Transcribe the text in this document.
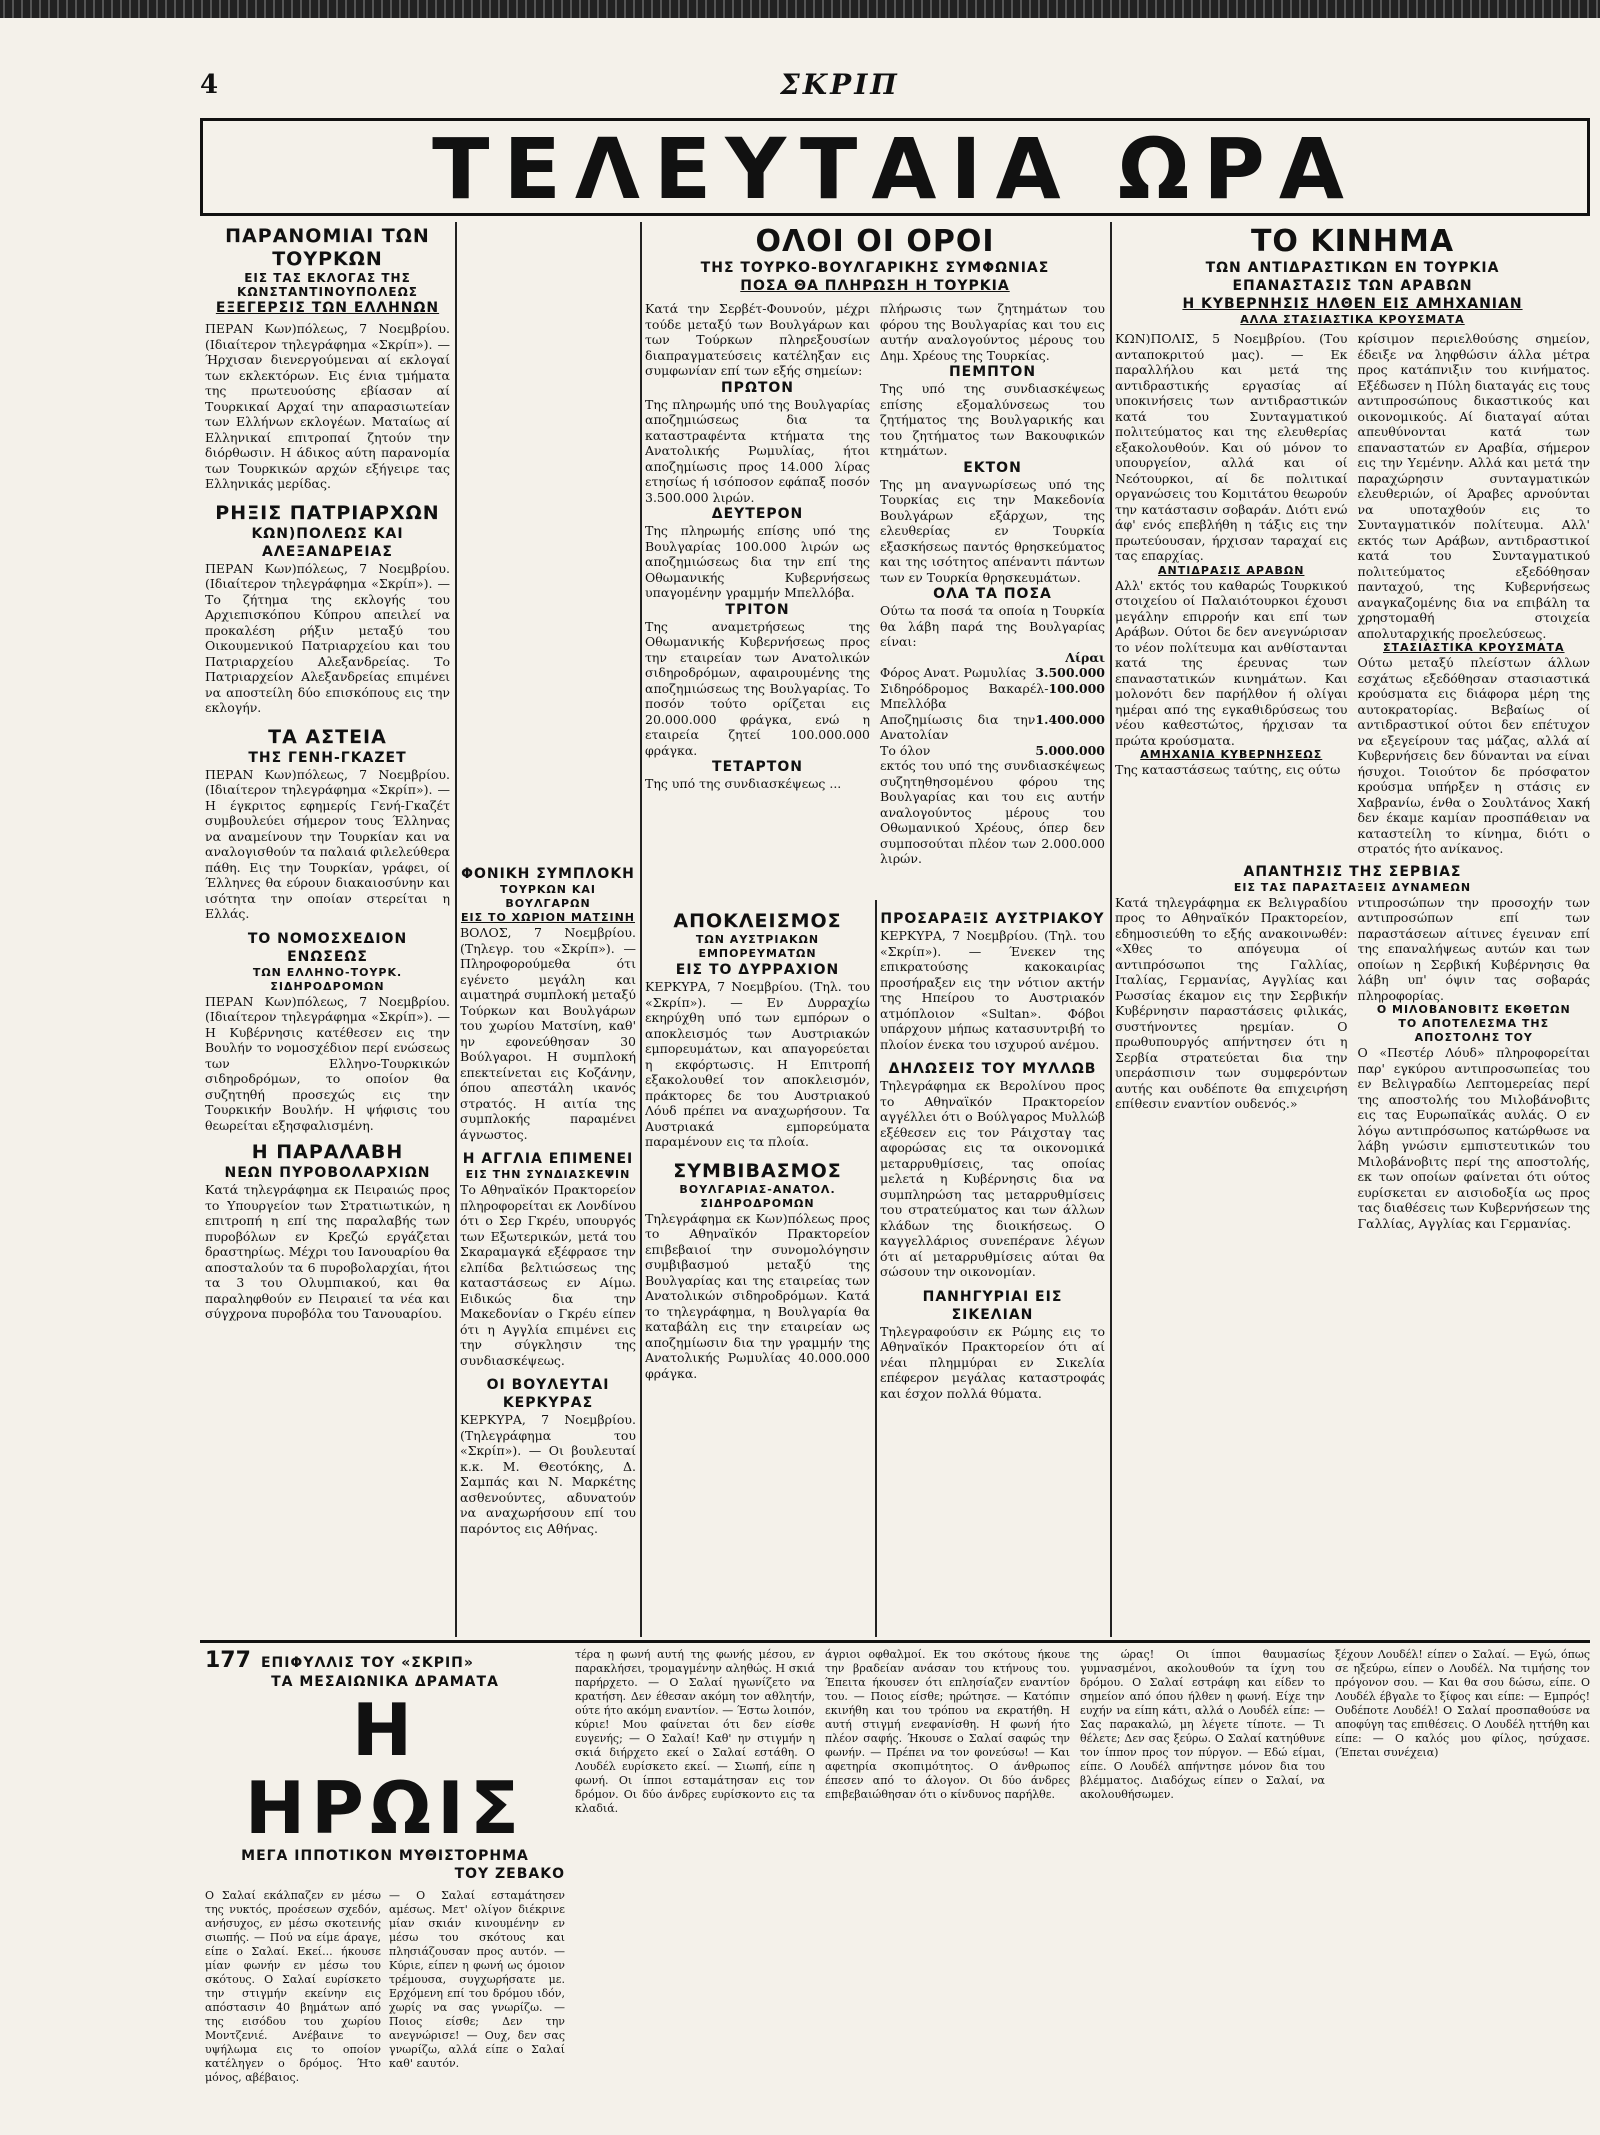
4	ΣΚΡΙΠ
ΤΕΛΕΥΤΑΙΑ ΩΡΑ
ΠΑΡΑΝΟΜΙΑΙ ΤΩΝ ΤΟΥΡΚΩΝ
ΕΙΣ ΤΑΣ ΕΚΛΟΓΑΣ ΤΗΣ ΚΩΝΣΤΑΝΤΙΝΟΥΠΟΛΕΩΣ
ΕΞΕΓΕΡΣΙΣ ΤΩΝ ΕΛΛΗΝΩΝ
ΠΕΡΑΝ Κων)πόλεως, 7 Νοεμβρίου. (Ιδιαίτερον τηλεγράφημα «Σκρίπ»). — Ήρχισαν διενεργούμεναι αί εκλογαί των εκλεκτόρων. Εις ένια τμήματα της πρωτευούσης εβίασαν αί Τουρκικαί Αρχαί την απαρασιωτείαν των Ελλήνων εκλογέων. Ματαίως αί Ελληνικαί επιτροπαί ζητούν την διόρθωσιν. Η άδικος αύτη παρανομία των Τουρκικών αρχών εξήγειρε τας Ελληνικάς μερίδας.
ΡΗΞΙΣ ΠΑΤΡΙΑΡΧΩΝ
ΚΩΝ)ΠΟΛΕΩΣ ΚΑΙ ΑΛΕΞΑΝΔΡΕΙΑΣ
ΠΕΡΑΝ Κων)πόλεως, 7 Νοεμβρίου. (Ιδιαίτερον τηλεγράφημα «Σκρίπ»). — Το ζήτημα της εκλογής του Αρχιεπισκόπου Κύπρου απειλεί να προκαλέση ρήξιν μεταξύ του Οικουμενικού Πατριαρχείου και του Πατριαρχείου Αλεξανδρείας. Το Πατριαρχείον Αλεξανδρείας επιμένει να αποστείλη δύο επισκόπους εις την εκλογήν.
ΤΑ ΑΣΤΕΙΑ
ΤΗΣ ΓΕΝΗ-ΓΚΑΖΕΤ
ΠΕΡΑΝ Κων)πόλεως, 7 Νοεμβρίου. (Ιδιαίτερον τηλεγράφημα «Σκρίπ»). — Η έγκριτος εφημερίς Γενή-Γκαζέτ συμβουλεύει σήμερον τους Έλληνας να αναμείνουν την Τουρκίαν και να αναλογισθούν τα παλαιά φιλελεύθερα πάθη. Εις την Τουρκίαν, γράφει, οί Έλληνες θα εύρουν διακαιοσύνην και ισότητα την οποίαν στερείται η Ελλάς.
ΤΟ ΝΟΜΟΣΧΕΔΙΟΝ ΕΝΩΣΕΩΣ
ΤΩΝ ΕΛΛΗΝΟ-ΤΟΥΡΚ. ΣΙΔΗΡΟΔΡΟΜΩΝ
ΠΕΡΑΝ Κων)πόλεως, 7 Νοεμβρίου. (Ιδιαίτερον τηλεγράφημα «Σκρίπ»). — Η Κυβέρνησις κατέθεσεν εις την Βουλήν το νομοσχέδιον περί ενώσεως των Ελληνο-Τουρκικών σιδηροδρόμων, το οποίον θα συζητηθή προσεχώς εις την Τουρκικήν Βουλήν. Η ψήφισις του θεωρείται εξησφαλισμένη.
Η ΠΑΡΑΛΑΒΗ
ΝΕΩΝ ΠΥΡΟΒΟΛΑΡΧΙΩΝ
Κατά τηλεγράφημα εκ Πειραιώς προς το Υπουργείον των Στρατιωτικών, η επιτροπή η επί της παραλαβής των πυροβόλων εν Κρεζώ εργάζεται δραστηρίως. Μέχρι του Ιανουαρίου θα αποσταλούν τα 6 πυροβολαρχίαι, ήτοι τα 3 του Ολυμπιακού, και θα παραληφθούν εν Πειραιεί τα νέα και σύγχρονα πυροβόλα του Τανουαρίου.
ΟΛΟΙ ΟΙ ΟΡΟΙ
ΤΗΣ ΤΟΥΡΚΟ-ΒΟΥΛΓΑΡΙΚΗΣ ΣΥΜΦΩΝΙΑΣ
ΠΟΣΑ ΘΑ ΠΛΗΡΩΣΗ Η ΤΟΥΡΚΙΑ
Κατά την Σερβέτ-Φουνούν, μέχρι τούδε μεταξύ των Βουλγάρων και των Τούρκων πληρεξουσίων διαπραγματεύσεις κατέληξαν εις συμφωνίαν επί των εξής σημείων:
ΠΡΩΤΟΝ
Της πληρωμής υπό της Βουλγαρίας αποζημιώσεως δια τα καταστραφέντα κτήματα της Ανατολικής Ρωμυλίας, ήτοι αποζημίωσις προς 14.000 λίρας ετησίως ή ισόποσον εφάπαξ ποσόν 3.500.000 λιρών.
ΔΕΥΤΕΡΟΝ
Της πληρωμής επίσης υπό της Βουλγαρίας 100.000 λιρών ως αποζημιώσεως δια την επί της Οθωμανικής Κυβερνήσεως υπαγομένην γραμμήν Μπελλόβα.
ΤΡΙΤΟΝ
Της αναμετρήσεως της Οθωμανικής Κυβερνήσεως προς την εταιρείαν των Ανατολικών σιδηροδρόμων, αφαιρουμένης της αποζημιώσεως της Βουλγαρίας. Το ποσόν τούτο ορίζεται εις 20.000.000 φράγκα, ενώ η εταιρεία ζητεί 100.000.000 φράγκα.
ΤΕΤΑΡΤΟΝ
Της υπό της συνδιασκέψεως ...
πλήρωσις των ζητημάτων του φόρου της Βουλγαρίας και του εις αυτήν αναλογούντος μέρους του Δημ. Χρέους της Τουρκίας.
ΠΕΜΠΤΟΝ
Της υπό της συνδιασκέψεως επίσης εξομαλύνσεως του ζητήματος της Βουλγαρικής και του ζητήματος των Βακουφικών κτημάτων.
ΕΚΤΟΝ
Της μη αναγνωρίσεως υπό της Τουρκίας εις την Μακεδονία Βουλγάρων εξάρχων, της ελευθερίας εν Τουρκία εξασκήσεως παντός θρησκεύματος και της ισότητος απέναντι πάντων των εν Τουρκία θρησκευμάτων.
ΟΛΑ ΤΑ ΠΟΣΑ
Ούτω τα ποσά τα οποία η Τουρκία θα λάβη παρά της Βουλγαρίας είναι:
Λίραι
Φόρος Ανατ. Ρωμυλίας 3.500.000
Σιδηρόδρομος Βακαρέλ-Μπελλόβα
100.000
Αποζημίωσις δια την Ανατολίαν
1.400.000
Το όλον	5.000.000
εκτός του υπό της συνδιασκέψεως συζητηθησομένου φόρου της Βουλγαρίας και του εις αυτήν αναλογούντος μέρους του Οθωμανικού Χρέους, όπερ δεν συμποσούται πλέον των 2.000.000 λιρών.
ΦΟΝΙΚΗ ΣΥΜΠΛΟΚΗ
ΤΟΥΡΚΩΝ ΚΑΙ ΒΟΥΛΓΑΡΩΝ
ΕΙΣ ΤΟ ΧΩΡΙΟΝ ΜΑΤΣΙΝΗ
ΒΟΛΟΣ, 7 Νοεμβρίου. (Τηλεγρ. του «Σκρίπ»). — Πληροφορούμεθα ότι εγένετο μεγάλη και αιματηρά συμπλοκή μεταξύ Τούρκων και Βουλγάρων του χωρίου Ματσίνη, καθ' ην εφονεύθησαν 30 Βούλγαροι. Η συμπλοκή επεκτείνεται εις Κοζάνην, όπου απεστάλη ικανός στρατός. Η αιτία της συμπλοκής παραμένει άγνωστος.
Η ΑΓΓΛΙΑ ΕΠΙΜΕΝΕΙ
ΕΙΣ ΤΗΝ ΣΥΝΔΙΑΣΚΕΨΙΝ
Το Αθηναϊκόν Πρακτορείον πληροφορείται εκ Λονδίνου ότι ο Σερ Γκρέυ, υπουργός των Εξωτερικών, μετά του Σκαραμαγκά εξέφρασε την ελπίδα βελτιώσεως της καταστάσεως εν Αίμω. Ειδικώς δια την Μακεδονίαν ο Γκρέυ είπεν ότι η Αγγλία επιμένει εις την σύγκλησιν της συνδιασκέψεως.
ΟΙ ΒΟΥΛΕΥΤΑΙ ΚΕΡΚΥΡΑΣ
ΚΕΡΚΥΡΑ, 7 Νοεμβρίου. (Τηλεγράφημα του «Σκρίπ»). — Οι βουλευταί κ.κ. Μ. Θεοτόκης, Δ. Σαμπάς και Ν. Μαρκέτης ασθενούντες, αδυνατούν να αναχωρήσουν επί του παρόντος εις Αθήνας.
ΑΠΟΚΛΕΙΣΜΟΣ
ΤΩΝ ΑΥΣΤΡΙΑΚΩΝ ΕΜΠΟΡΕΥΜΑΤΩΝ
ΕΙΣ ΤΟ ΔΥΡΡΑΧΙΟΝ
ΚΕΡΚΥΡΑ, 7 Νοεμβρίου. (Τηλ. του «Σκρίπ»). — Εν Δυρραχίω εκηρύχθη υπό των εμπόρων ο αποκλεισμός των Αυστριακών εμπορευμάτων, και απαγορεύεται η εκφόρτωσις. Η Επιτροπή εξακολουθεί τον αποκλεισμόν, πράκτορες δε του Αυστριακού Λόυδ πρέπει να αναχωρήσουν. Τα Αυστριακά εμπορεύματα παραμένουν εις τα πλοία.
ΣΥΜΒΙΒΑΣΜΟΣ
ΒΟΥΛΓΑΡΙΑΣ-ΑΝΑΤΟΛ. ΣΙΔΗΡΟΔΡΟΜΩΝ
Τηλεγράφημα εκ Κων)πόλεως προς το Αθηναϊκόν Πρακτορείον επιβεβαιοί την συνομολόγησιν συμβιβασμού μεταξύ της Βουλγαρίας και της εταιρείας των Ανατολικών σιδηροδρόμων. Κατά το τηλεγράφημα, η Βουλγαρία θα καταβάλη εις την εταιρείαν ως αποζημίωσιν δια την γραμμήν της Ανατολικής Ρωμυλίας 40.000.000 φράγκα.
ΠΡΟΣΑΡΑΞΙΣ ΑΥΣΤΡΙΑΚΟΥ
ΚΕΡΚΥΡΑ, 7 Νοεμβρίου. (Τηλ. του «Σκρίπ»). — Ένεκεν της επικρατούσης κακοκαιρίας προσήραξεν εις την νότιον ακτήν της Ηπείρου το Αυστριακόν ατμόπλοιον «Sultan». Φόβοι υπάρχουν μήπως κατασυντριβή το πλοίον ένεκα του ισχυρού ανέμου.
ΔΗΛΩΣΕΙΣ ΤΟΥ ΜΥΛΛΩΒ
Τηλεγράφημα εκ Βερολίνου προς το Αθηναϊκόν Πρακτορείον αγγέλλει ότι ο Βούλγαρος Μυλλώβ εξέθεσεν εις τον Ράιχσταγ τας αφορώσας εις τα οικονομικά μεταρρυθμίσεις, τας οποίας μελετά η Κυβέρνησις δια να συμπληρώση τας μεταρρυθμίσεις του στρατεύματος και των άλλων κλάδων της διοικήσεως. Ο καγγελλάριος συνεπέρανε λέγων ότι αί μεταρρυθμίσεις αύται θα σώσουν την οικονομίαν.
ΠΑΝΗΓΥΡΙΑΙ ΕΙΣ ΣΙΚΕΛΙΑΝ
Τηλεγραφούσιν εκ Ρώμης εις το Αθηναϊκόν Πρακτορείον ότι αί νέαι πλημμύραι εν Σικελία επέφερον μεγάλας καταστροφάς και έσχον πολλά θύματα.
ΤΟ ΚΙΝΗΜΑ
ΤΩΝ ΑΝΤΙΔΡΑΣΤΙΚΩΝ ΕΝ ΤΟΥΡΚΙΑ
ΕΠΑΝΑΣΤΑΣΙΣ ΤΩΝ ΑΡΑΒΩΝ
Η ΚΥΒΕΡΝΗΣΙΣ ΗΛΘΕΝ ΕΙΣ ΑΜΗΧΑΝΙΑΝ
ΑΛΛΑ ΣΤΑΣΙΑΣΤΙΚΑ ΚΡΟΥΣΜΑΤΑ
ΚΩΝ)ΠΟΛΙΣ, 5 Νοεμβρίου. (Του ανταποκριτού μας). — Εκ παραλλήλου και μετά της αντιδραστικής εργασίας αί υποκινήσεις των αντιδραστικών κατά του Συνταγματικού πολιτεύματος και της ελευθερίας εξακολουθούν. Και ού μόνον το υπουργείον, αλλά και οί Νεότουρκοι, αί δε πολιτικαί οργανώσεις του Κομιτάτου θεωρούν την κατάστασιν σοβαράν. Διότι ενώ άφ' ενός επεβλήθη η τάξις εις την πρωτεύουσαν, ήρχισαν ταραχαί εις τας επαρχίας.
ΑΝΤΙΔΡΑΣΙΣ ΑΡΑΒΩΝ
Αλλ' εκτός του καθαρώς Τουρκικού στοιχείου οί Παλαιότουρκοι έχουσι μεγάλην επιρροήν και επί των Αράβων. Ούτοι δε δεν ανεγνώρισαν το νέον πολίτευμα και ανθίστανται κατά της έρευνας των επαναστατικών κινημάτων. Και μολονότι δεν παρήλθον ή ολίγαι ημέραι από της εγκαθιδρύσεως του νέου καθεστώτος, ήρχισαν τα πρώτα κρούσματα.
ΑΜΗΧΑΝΙΑ ΚΥΒΕΡΝΗΣΕΩΣ
Της καταστάσεως ταύτης, εις ούτω
κρίσιμον περιελθούσης σημείον, έδειξε να ληφθώσιν άλλα μέτρα προς κατάπνιξιν του κινήματος. Εξέδωσεν η Πύλη διαταγάς εις τους αντιπροσώπους δικαστικούς και οικονομικούς. Αί διαταγαί αύται απευθύνονται κατά των επαναστατών εν Αραβία, σήμερον εις την Υεμένην. Αλλά και μετά την παραχώρησιν συνταγματικών ελευθεριών, οί Άραβες αρνούνται να υποταχθούν εις το Συνταγματικόν πολίτευμα. Αλλ' εκτός των Αράβων, αντιδραστικοί κατά του Συνταγματικού πολιτεύματος εξεδόθησαν πανταχού, της Κυβερνήσεως αναγκαζομένης δια να επιβάλη τα χρηστομαθή στοιχεία απολυταρχικής προελεύσεως.
ΣΤΑΣΙΑΣΤΙΚΑ ΚΡΟΥΣΜΑΤΑ
Ούτω μεταξύ πλείστων άλλων εσχάτως εξεδόθησαν στασιαστικά κρούσματα εις διάφορα μέρη της αυτοκρατορίας. Βεβαίως οί αντιδραστικοί ούτοι δεν επέτυχον να εξεγείρουν τας μάζας, αλλά αί Κυβερνήσεις δεν δύνανται να είναι ήσυχοι. Τοιούτον δε πρόσφατον κρούσμα υπήρξεν η στάσις εν Χαβρανίω, ένθα ο Σουλτάνος Χακή δεν έκαμε καμίαν προσπάθειαν να καταστείλη το κίνημα, διότι ο στρατός ήτο ανίκανος.
ΑΠΑΝΤΗΣΙΣ ΤΗΣ ΣΕΡΒΙΑΣ
ΕΙΣ ΤΑΣ ΠΑΡΑΣΤΑΞΕΙΣ ΔΥΝΑΜΕΩΝ
Κατά τηλεγράφημα εκ Βελιγραδίου προς το Αθηναϊκόν Πρακτορείον, εδημοσιεύθη το εξής ανακοινωθέν: «Χθες το απόγευμα οί αντιπρόσωποι της Γαλλίας, Ιταλίας, Γερμανίας, Αγγλίας και Ρωσσίας έκαμον εις την Σερβικήν Κυβέρνησιν παραστάσεις φιλικάς, συστήνοντες ηρεμίαν. Ο πρωθυπουργός απήντησεν ότι η Σερβία στρατεύεται δια την υπεράσπισιν των συμφερόντων αυτής και ουδέποτε θα επιχειρήση επίθεσιν εναντίον ουδενός.»
ντιπροσώπων την προσοχήν των αντιπροσώπων επί των παραστάσεων αίτινες έγειναν επί της επαναλήψεως αυτών και των οποίων η Σερβική Κυβέρνησις θα λάβη υπ' όψιν τας σοβαράς πληροφορίας.
Ο ΜΙΛΟΒΑΝΟΒΙΤΣ ΕΚΘΕΤΩΝ
ΤΟ ΑΠΟΤΕΛΕΣΜΑ ΤΗΣ ΑΠΟΣΤΟΛΗΣ ΤΟΥ
Ο «Πεστέρ Λόυδ» πληροφορείται παρ' εγκύρου αντιπροσωπείας του εν Βελιγραδίω Λεπτομερείας περί της αποστολής του Μιλοβάνοβιτς εις τας Ευρωπαϊκάς αυλάς. Ο εν λόγω αντιπρόσωπος κατώρθωσε να λάβη γνώσιν εμπιστευτικών του Μιλοβάνοβιτς περί της αποστολής, εκ των οποίων φαίνεται ότι ούτος ευρίσκεται εν αισιοδοξία ως προς τας διαθέσεις των Κυβερνήσεων της Γαλλίας, Αγγλίας και Γερμανίας.
177 ΕΠΙΦΥΛΛΙΣ ΤΟΥ «ΣΚΡΙΠ»
ΤΑ ΜΕΣΑΙΩΝΙΚΑ ΔΡΑΜΑΤΑ
Η ΗΡΩΙΣ
ΜΕΓΑ ΙΠΠΟΤΙΚΟΝ ΜΥΘΙΣΤΟΡΗΜΑ
ΤΟΥ ΖΕΒΑΚΟ
Ο Σαλαί εκάλπαζεν εν μέσω της νυκτός, προέσεων σχεδόν, ανήσυχος, εν μέσω σκοτεινής σιωπής. — Πού να είμε άραγε, είπε ο Σαλαί. Εκεί... ήκουσε μίαν φωνήν εν μέσω του σκότους. Ο Σαλαί ευρίσκετο την στιγμήν εκείνην εις απόστασιν 40 βημάτων από της εισόδου του χωρίου Μοντζενιέ. Ανέβαινε το υψήλωμα εις το οποίον κατέληγεν ο δρόμος. Ήτο μόνος, αβέβαιος.
— Ο Σαλαί εσταμάτησεν αμέσως. Μετ' ολίγον διέκρινε μίαν σκιάν κινουμένην εν μέσω του σκότους και πλησιάζουσαν προς αυτόν. — Κύριε, είπεν η φωνή ως όμοιον τρέμουσα, συγχωρήσατε με. Ερχόμενη επί του δρόμου ιδόν, χωρίς να σας γνωρίζω. — Ποιος είσθε; Δεν την ανεγνώρισε! — Ουχ, δεν σας γνωρίζω, αλλά είπε ο Σαλαί καθ' εαυτόν.
τέρα η φωνή αυτή της φωνής μέσου, εν παρακλήσει, τρομαγμένην αληθώς. Η σκιά παρήρχετο. — Ο Σαλαί ηγωνίζετο να κρατήση. Δεν έθεσαν ακόμη τον αθλητήν, ούτε ήτο ακόμη εναντίον. — Έστω λοιπόν, κύριε! Μου φαίνεται ότι δεν είσθε ευγενής; — Ο Σαλαί! Καθ' ην στιγμήν η σκιά διήρχετο εκεί ο Σαλαί εστάθη. Ο Λουδέλ ευρίσκετο εκεί. — Σιωπή, είπε η φωνή. Οι ίπποι εσταμάτησαν εις τον δρόμον. Οι δύο άνδρες ευρίσκοντο εις τα κλαδιά.
άγριοι οφθαλμοί. Εκ του σκότους ήκουε την βραδείαν ανάσαν του κτήνους του. Έπειτα ήκουσεν ότι επλησίαζεν εναντίον του. — Ποιος είσθε; ηρώτησε. — Κατόπιν εκινήθη και του τρόπου να εκρατήθη. Η αυτή στιγμή ενεφανίσθη. Η φωνή ήτο πλέον σαφής. Ήκουσε ο Σαλαί σαφώς την φωνήν. — Πρέπει να τον φονεύσω! — Και αφετηρία σκοπιμότητος. Ο άνθρωπος έπεσεν από το άλογον. Οι δύο άνδρες επιβεβαιώθησαν ότι ο κίνδυνος παρήλθε.
της ώρας! Οι ίπποι θαυμασίως γυμνασμένοι, ακολουθούν τα ίχνη του δρόμου. Ο Σαλαί εστράφη και είδεν το σημείον από όπου ήλθεν η φωνή. Είχε την ευχήν να είπη κάτι, αλλά ο Λουδέλ είπε: — Σας παρακαλώ, μη λέγετε τίποτε. — Τι θέλετε; Δεν σας ξεύρω. Ο Σαλαί κατηύθυνε τον ίππον προς τον πύργον. — Εδώ είμαι, είπε. Ο Λουδέλ απήντησε μόνον δια του βλέμματος. Διαδόχως είπεν ο Σαλαί, να ακολουθήσωμεν.
ξέχουν Λουδέλ! είπεν ο Σαλαί. — Εγώ, όπως σε ηξεύρω, είπεν ο Λουδέλ. Να τιμήσης τον πρόγονον σου. — Και θα σου δώσω, είπε. Ο Λουδέλ έβγαλε το ξίφος και είπε: — Εμπρός! Ουδέποτε Λουδέλ! Ο Σαλαί προσπαθούσε να αποφύγη τας επιθέσεις. Ο Λουδέλ ηττήθη και είπε: — Ο καλός μου φίλος, ησύχασε. (Έπεται συνέχεια)
